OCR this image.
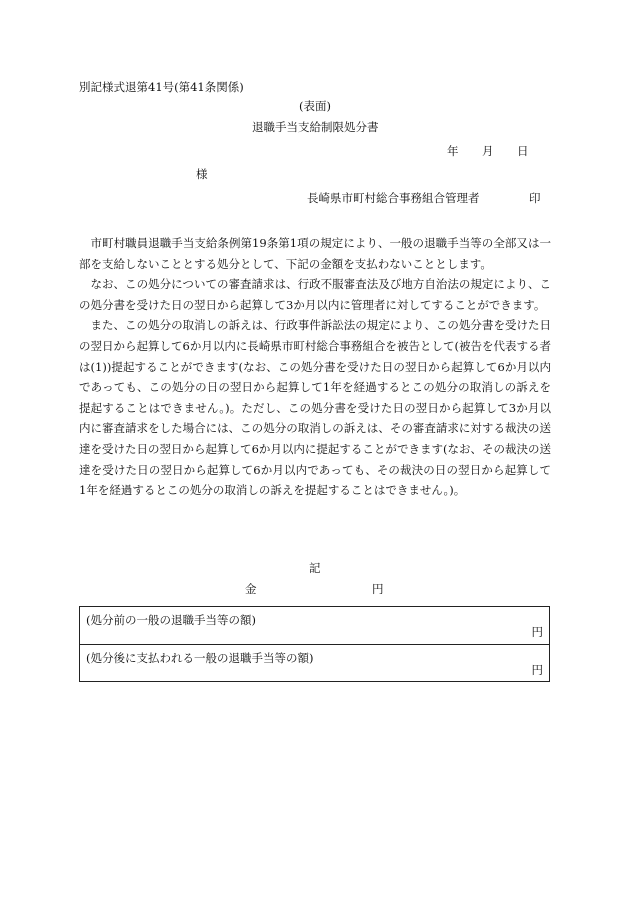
別記様式退第41号(第41条関係)
(表面)
退職手当支給制限処分書
年 月 日
様
長崎県市町村総合事務組合管理者	印

市町村職員退職手当支給条例第19条第1項の規定により、一般の退職手当等の全部又は一部を支給しないこととする処分として、下記の金額を支払わないこととします。

なお、この処分についての審査請求は、行政不服審査法及び地方自治法の規定により、この処分書を受けた日の翌日から起算して3か月以内に管理者に対してすることができます。

また、この処分の取消しの訴えは、行政事件訴訟法の規定により、この処分書を受けた日の翌日から起算して6か月以内に長崎県市町村総合事務組合を被告として(被告を代表する者は(1))提起することができます(なお、この処分書を受けた日の翌日から起算して6か月以内であっても、この処分の日の翌日から起算して1年を経過するとこの処分の取消しの訴えを提起することはできません。)。ただし、この処分書を受けた日の翌日から起算して3か月以内に審査請求をした場合には、この処分の取消しの訴えは、その審査請求に対する裁決の送達を受けた日の翌日から起算して6か月以内に提起することができます(なお、その裁決の送達を受けた日の翌日から起算して6か月以内であっても、その裁決の日の翌日から起算して1年を経過するとこの処分の取消しの訴えを提起することはできません。)。

記
金	円
(処分前の一般の退職手当等の額)
円
(処分後に支払われる一般の退職手当等の額)
円
